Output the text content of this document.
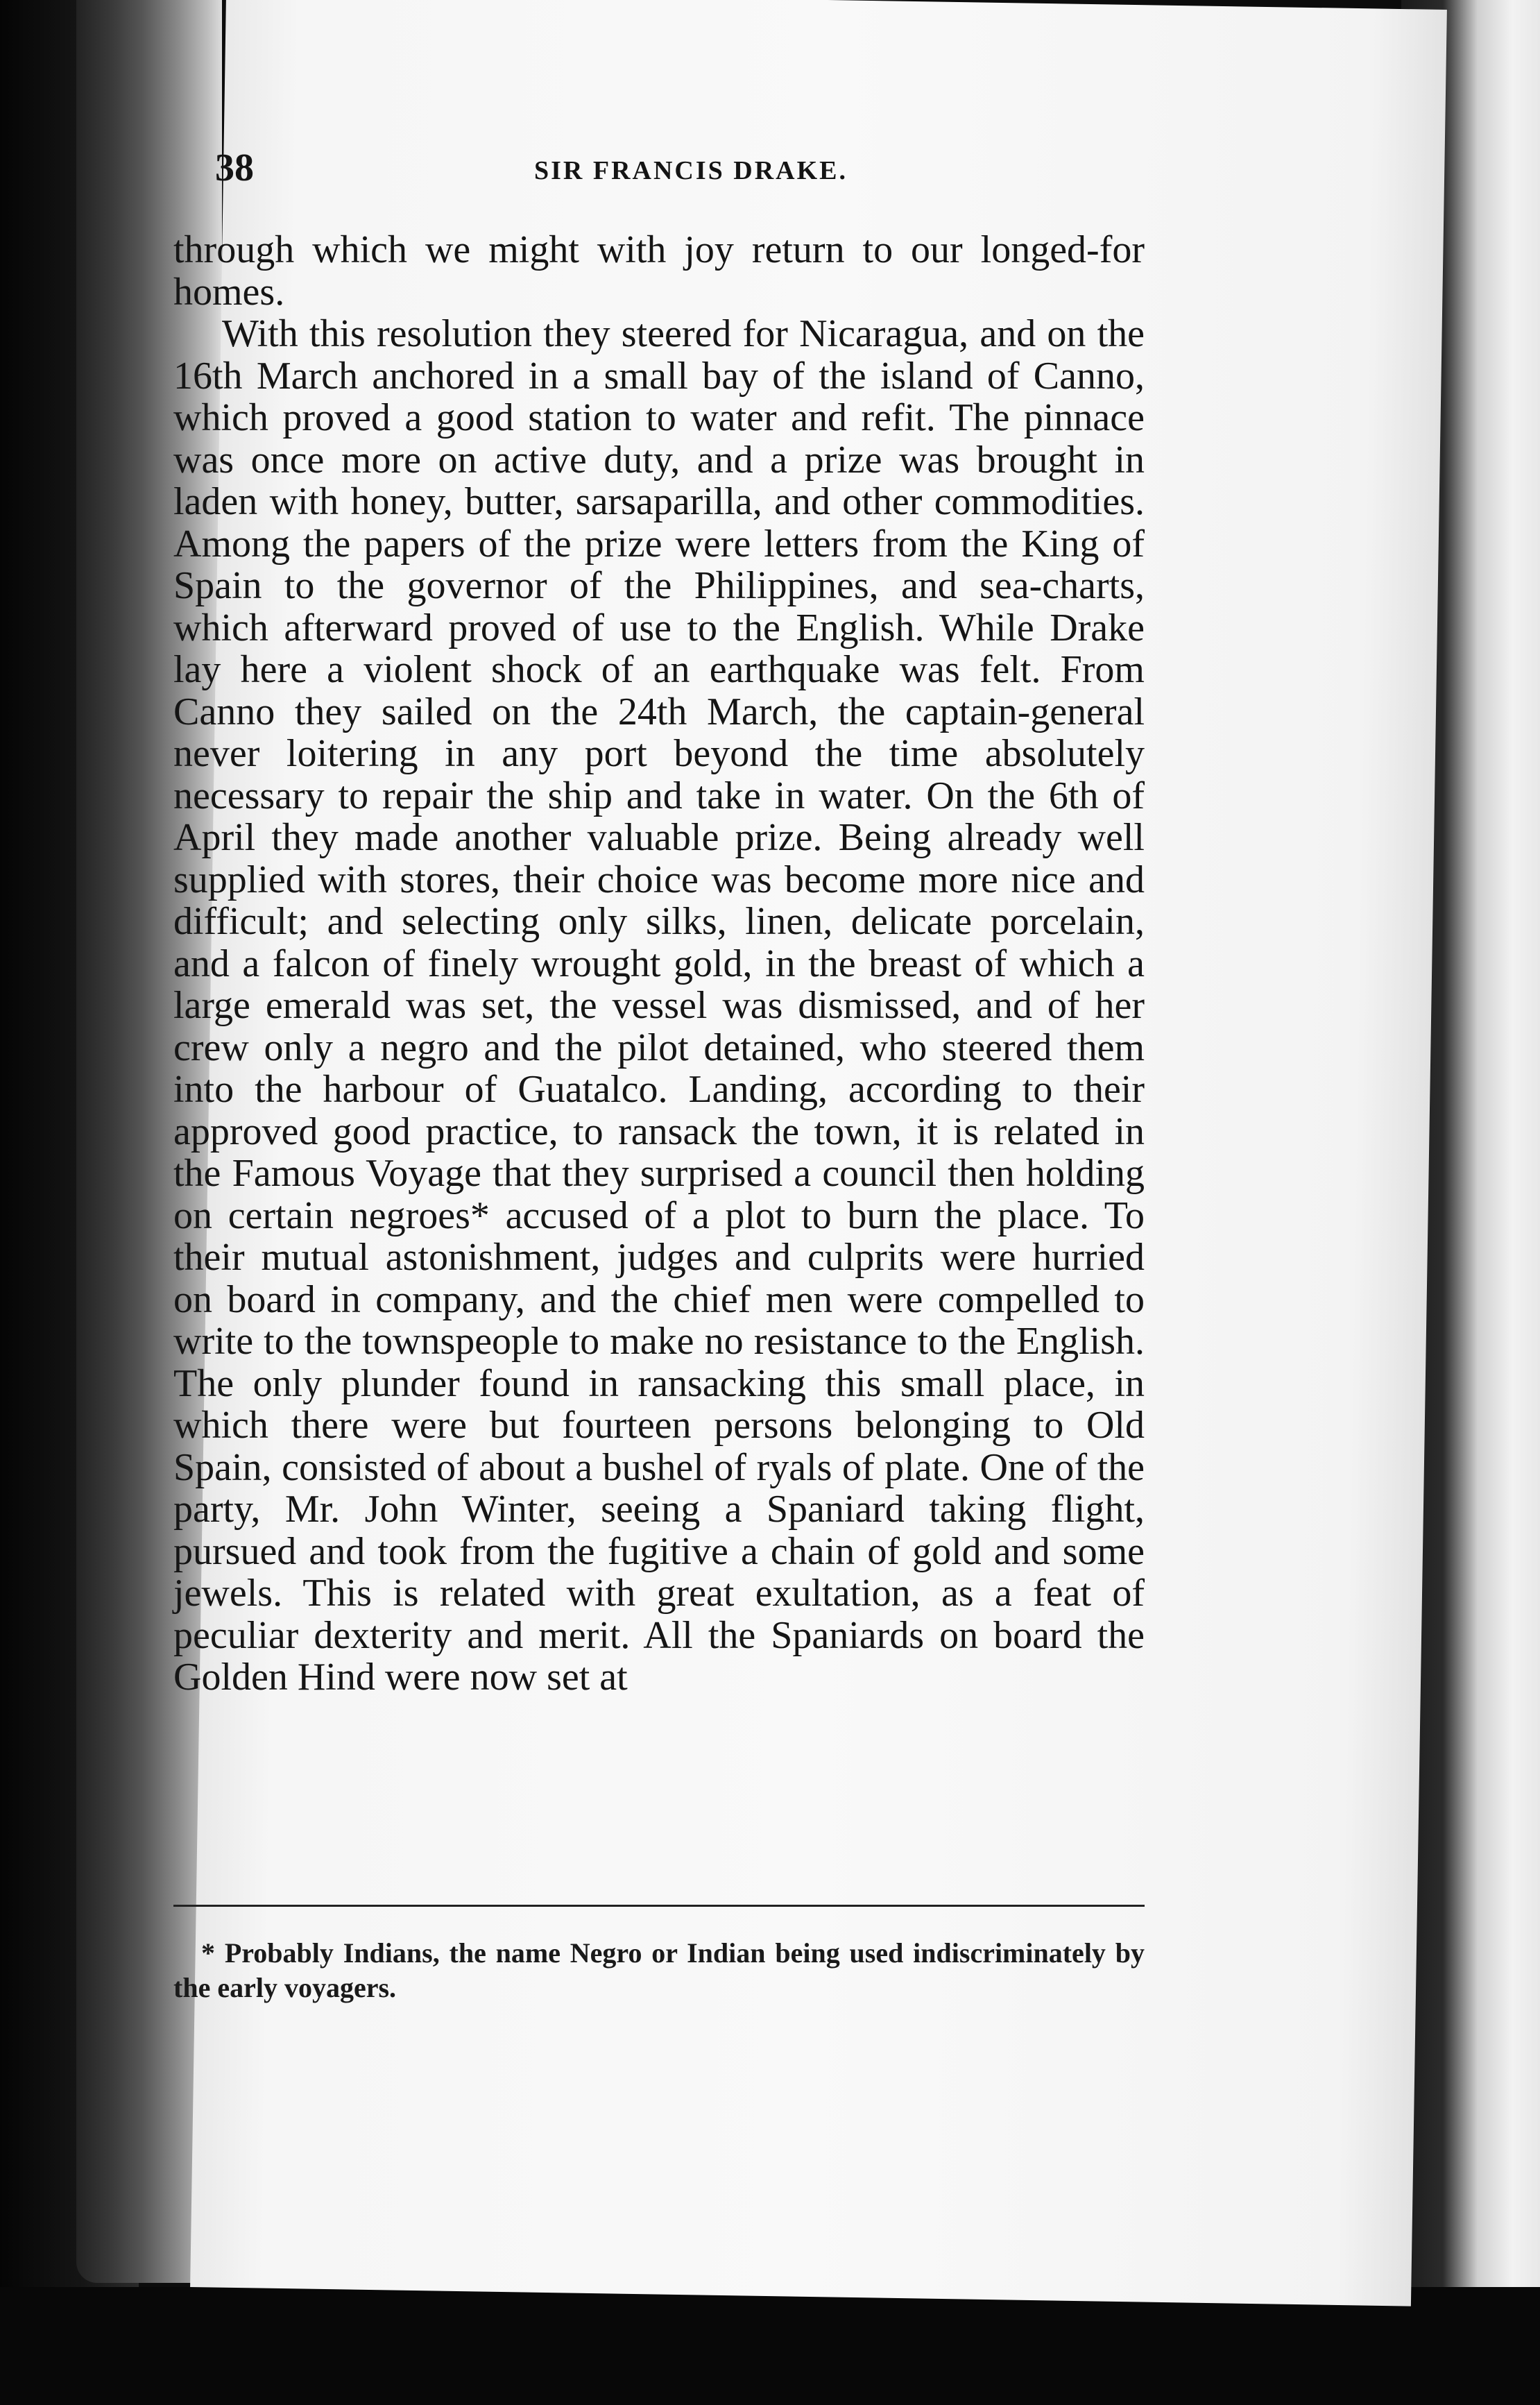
38	SIR FRANCIS DRAKE.

through which we might with joy return to our longed-for homes.

With this resolution they steered for Nicaragua, and on the 16th March anchored in a small bay of the island of Canno, which proved a good station to water and refit. The pinnace was once more on active duty, and a prize was brought in laden with honey, butter, sarsaparilla, and other commodities. Among the papers of the prize were letters from the King of Spain to the governor of the Philippines, and sea-charts, which afterward proved of use to the English. While Drake lay here a violent shock of an earthquake was felt. From Canno they sailed on the 24th March, the captain-general never loitering in any port beyond the time absolutely necessary to repair the ship and take in water. On the 6th of April they made another valuable prize. Being already well supplied with stores, their choice was become more nice and difficult; and selecting only silks, linen, delicate porcelain, and a falcon of finely wrought gold, in the breast of which a large emerald was set, the vessel was dismissed, and of her crew only a negro and the pilot detained, who steered them into the harbour of Guatalco. Landing, according to their approved good practice, to ransack the town, it is related in the Famous Voyage that they surprised a council then holding on certain negroes* accused of a plot to burn the place. To their mutual astonishment, judges and culprits were hurried on board in company, and the chief men were compelled to write to the townspeople to make no resistance to the English. The only plunder found in ransacking this small place, in which there were but fourteen persons belonging to Old Spain, consisted of about a bushel of ryals of plate. One of the party, Mr. John Winter, seeing a Spaniard taking flight, pursued and took from the fugitive a chain of gold and some jewels. This is related with great exultation, as a feat of peculiar dexterity and merit. All the Spaniards on board the Golden Hind were now set at

* Probably Indians, the name Negro or Indian being used indiscriminately by the early voyagers.
